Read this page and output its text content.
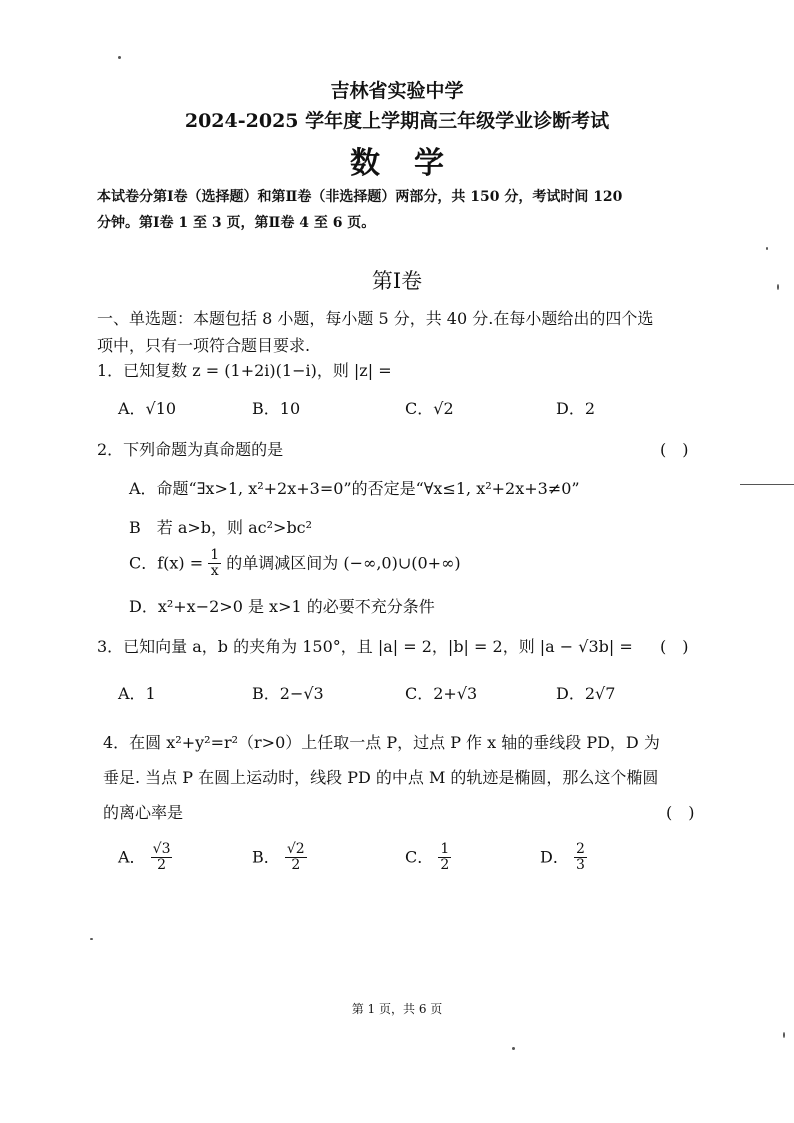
吉林省实验中学
2024-2025 学年度上学期高三年级学业诊断考试
数学
本试卷分第Ⅰ卷（选择题）和第Ⅱ卷（非选择题）两部分，共 150 分，考试时间 120
分钟。第Ⅰ卷 1 至 3 页，第Ⅱ卷 4 至 6 页。
第Ⅰ卷
一、单选题：本题包括 8 小题，每小题 5 分，共 40 分.在每小题给出的四个选
项中，只有一项符合题目要求.
1．已知复数 z = (1+2i)(1−i)，则 |z| =
A．√10	B．10	C．√2	D．2
2．下列命题为真命题的是	(　)
A．命题“∃x>1, x²+2x+3=0”的否定是“∀x≤1, x²+2x+3≠0”
B　若 a>b，则 ac²>bc²
C．$f(x) = \frac{1}{x}$ 的单调减区间为 (−∞,0)∪(0+∞)
D．x²+x−2>0 是 x>1 的必要不充分条件
3．已知向量 a，b 的夹角为 150°，且 |a| = 2，|b| = 2，则 |a − √3b| = (　)
A．1	B．2−√3	C．2+√3	D．2√7
4．在圆 x²+y²=r²（r>0）上任取一点 P，过点 P 作 x 轴的垂线段 PD，D 为
垂足. 当点 P 在圆上运动时，线段 PD 的中点 M 的轨迹是椭圆，那么这个椭圆
的离心率是	(　)
A． $\frac{√3}{2}$	B． $\frac{√2}{2}$	C． $\frac{1}{2}$	D． $\frac{2}{3}$
第 1 页，共 6 页
